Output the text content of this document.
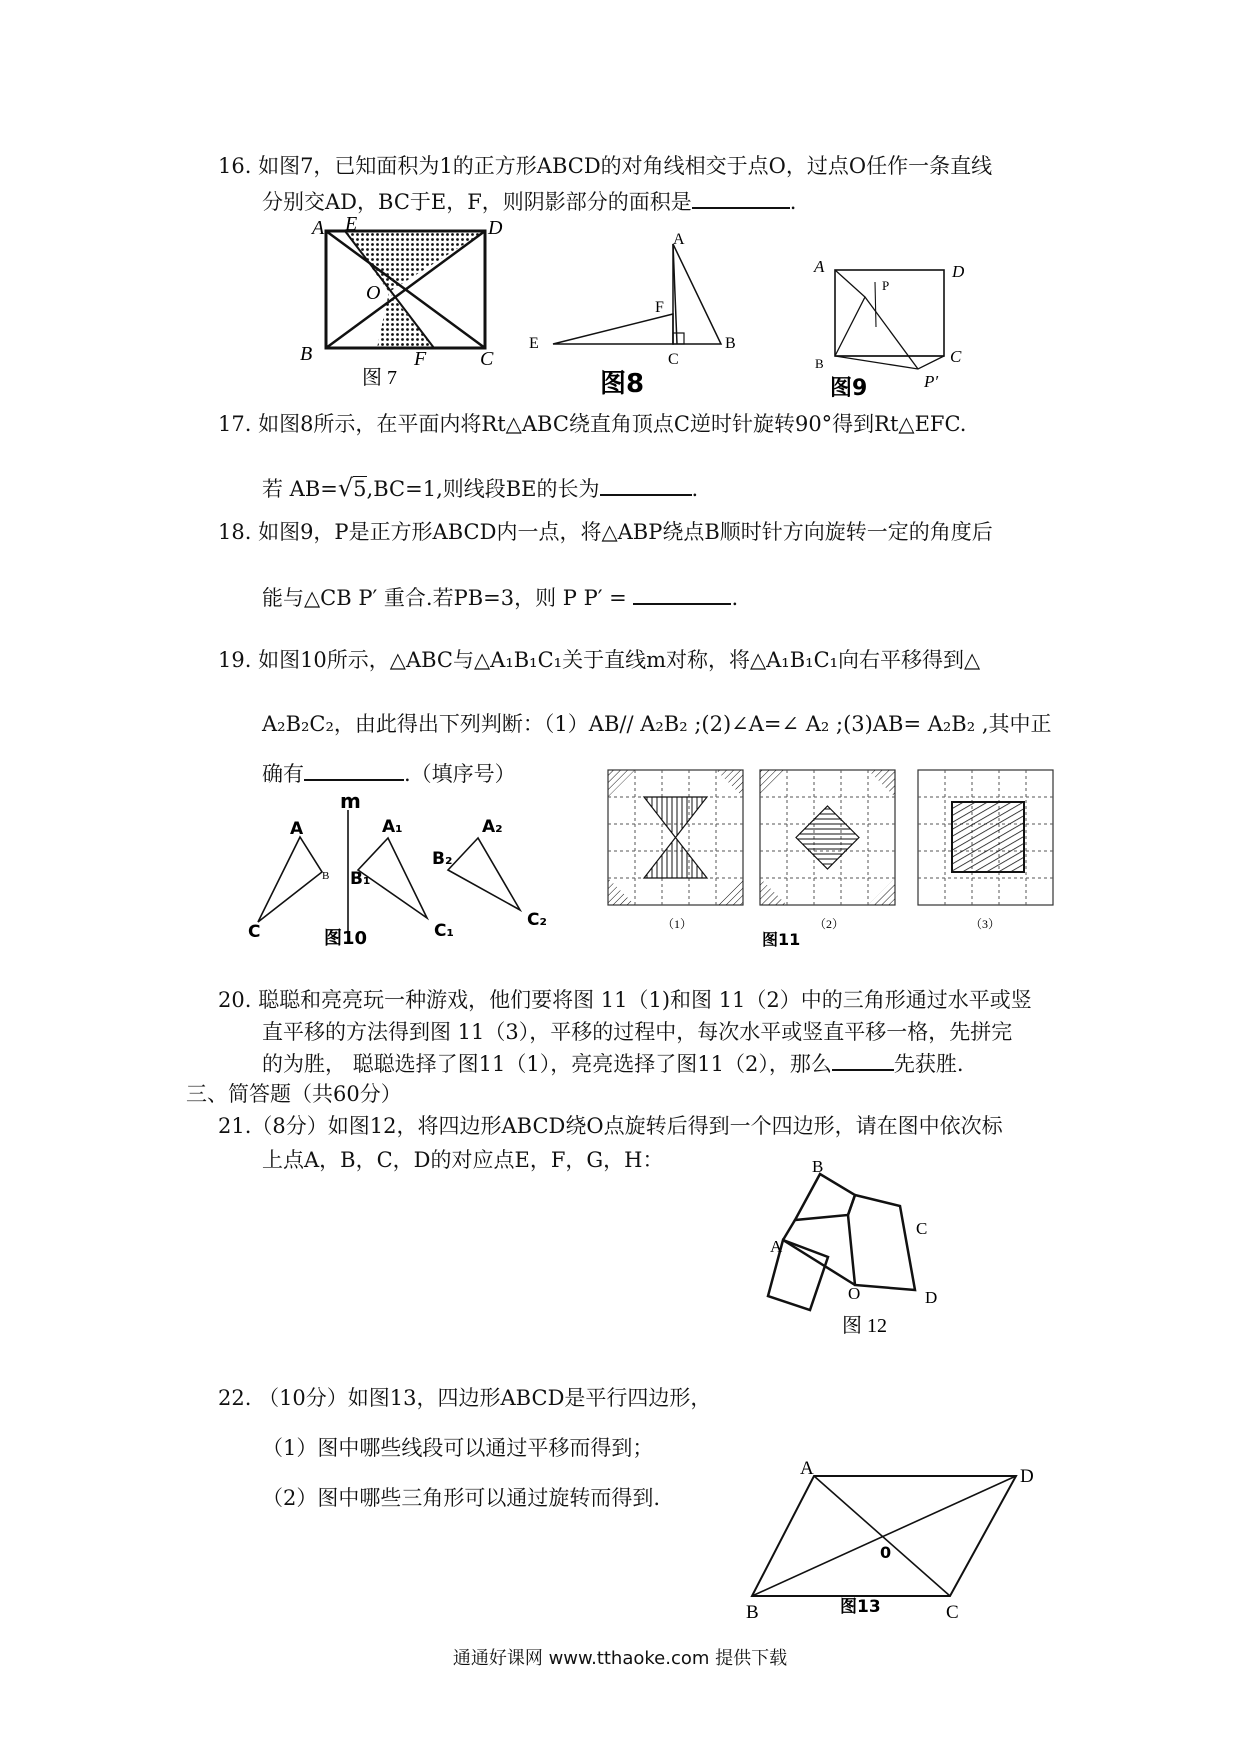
16. 如图7，已知面积为1的正方形ABCD的对角线相交于点O，过点O任作一条直线
分别交AD，BC于E，F，则阴影部分的面积是	.
A E	D
O
B	F	C
图 7
A
F
E
C
B
图8
A	D
P
B	C
P′
图9
17. 如图8所示，在平面内将Rt△ABC绕直角顶点C逆时针旋转90°得到Rt△EFC.
若 AB=√5,BC=1,则线段BE的长为	.
18. 如图9，P是正方形ABCD内一点，将△ABP绕点B顺时针方向旋转一定的角度后
能与△CB P′ 重合.若PB=3，则 P P′ =	.
19. 如图10所示，△ABC与△A₁B₁C₁关于直线m对称，将△A₁B₁C₁向右平移得到△
A₂B₂C₂，由此得出下列判断：（1）AB// A₂B₂ ;(2)∠A=∠ A₂ ;(3)AB= A₂B₂ ,其中正
确有	.（填序号）
m
A
B
C
A₁
B₁
C₁
A₂
B₂
C₂
图10
（1）	（2）	（3）
图11
20. 聪聪和亮亮玩一种游戏，他们要将图 11（1)和图 11（2）中的三角形通过水平或竖
直平移的方法得到图 11（3），平移的过程中，每次水平或竖直平移一格，先拼完
的为胜， 聪聪选择了图11（1），亮亮选择了图11（2），那么	先获胜.
三、简答题（共60分）
21.（8分）如图12，将四边形ABCD绕O点旋转后得到一个四边形，请在图中依次标
上点A，B，C，D的对应点E，F，G，H：	B
A
C
D
O
图 12
22. （10分）如图13，四边形ABCD是平行四边形，
（1）图中哪些线段可以通过平移而得到；
（2）图中哪些三角形可以通过旋转而得到.
A	D
0
B	C
图13
通通好课网 www.tthaoke.com 提供下载
